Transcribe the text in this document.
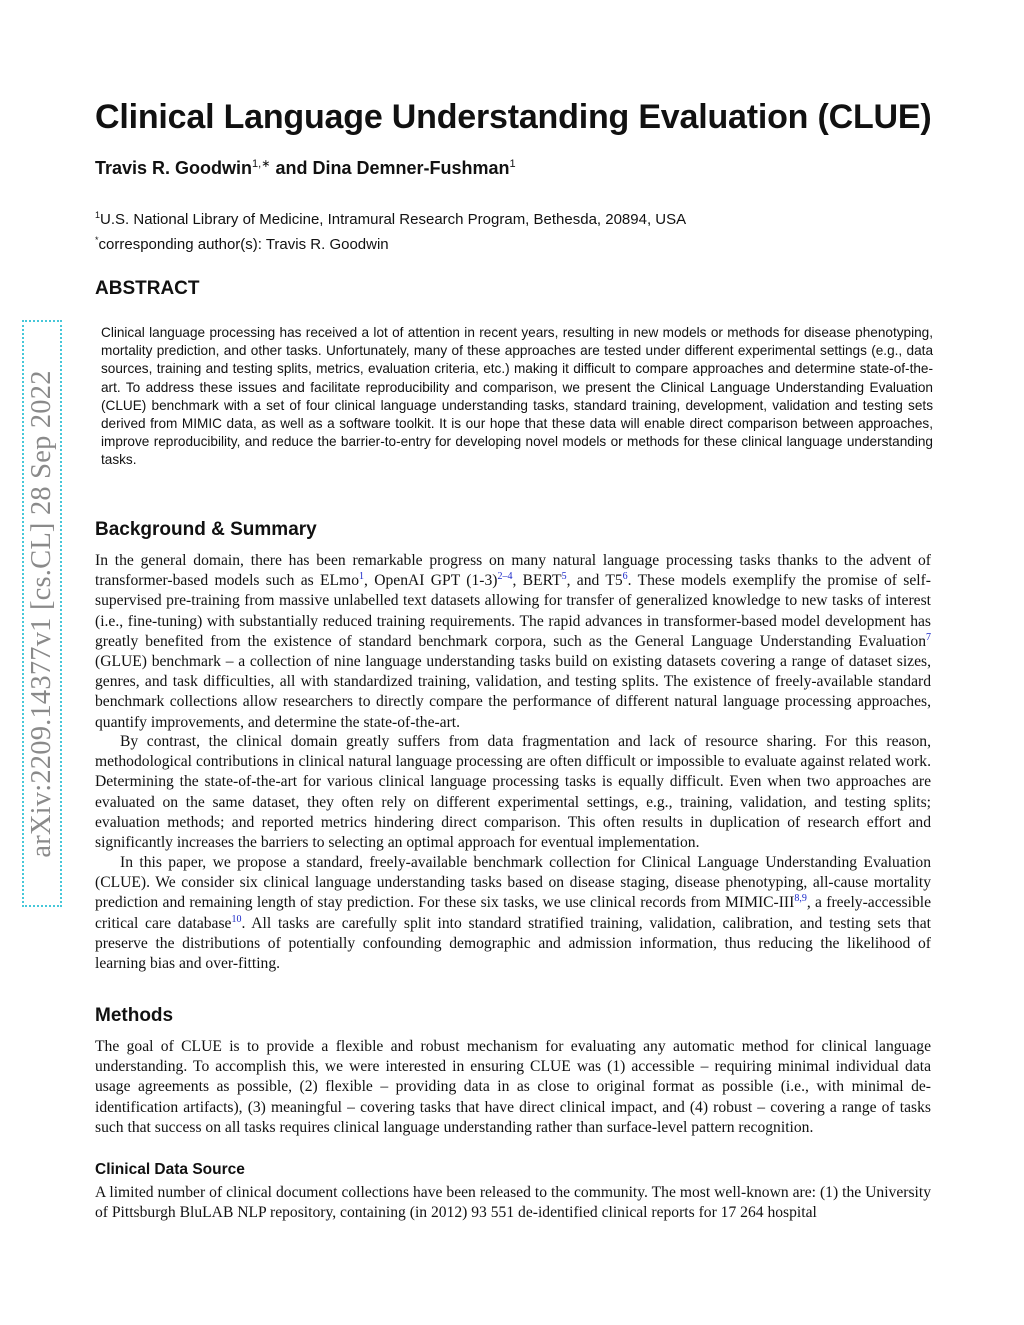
arXiv:2209.14377v1 [cs.CL] 28 Sep 2022
Clinical Language Understanding Evaluation (CLUE)
Travis R. Goodwin$^{1,∗}$ and Dina Demner-Fushman$^1$
$^1$U.S. National Library of Medicine, Intramural Research Program, Bethesda, 20894, USA
*corresponding author(s): Travis R. Goodwin
ABSTRACT

Clinical language processing has received a lot of attention in recent years, resulting in new models or methods for disease phenotyping, mortality prediction, and other tasks. Unfortunately, many of these approaches are tested under different experimental settings (e.g., data sources, training and testing splits, metrics, evaluation criteria, etc.) making it difficult to compare approaches and determine state-of-the-art. To address these issues and facilitate reproducibility and comparison, we present the Clinical Language Understanding Evaluation (CLUE) benchmark with a set of four clinical language understanding tasks, standard training, development, validation and testing sets derived from MIMIC data, as well as a software toolkit. It is our hope that these data will enable direct comparison between approaches, improve reproducibility, and reduce the barrier-to-entry for developing novel models or methods for these clinical language understanding tasks.

Background & Summary

In the general domain, there has been remarkable progress on many natural language processing tasks thanks to the advent of transformer-based models such as ELmo$^1$, OpenAI GPT (1-3)$^{2-4}$, BERT$^5$, and T5$^6$. These models exemplify the promise of self-supervised pre-training from massive unlabelled text datasets allowing for transfer of generalized knowledge to new tasks of interest (i.e., fine-tuning) with substantially reduced training requirements. The rapid advances in transformer-based model development has greatly benefited from the existence of standard benchmark corpora, such as the General Language Understanding Evaluation$^7$ (GLUE) benchmark – a collection of nine language understanding tasks build on existing datasets covering a range of dataset sizes, genres, and task difficulties, all with standardized training, validation, and testing splits. The existence of freely-available standard benchmark collections allow researchers to directly compare the performance of different natural language processing approaches, quantify improvements, and determine the state-of-the-art.

By contrast, the clinical domain greatly suffers from data fragmentation and lack of resource sharing. For this reason, methodological contributions in clinical natural language processing are often difficult or impossible to evaluate against related work. Determining the state-of-the-art for various clinical language processing tasks is equally difficult. Even when two approaches are evaluated on the same dataset, they often rely on different experimental settings, e.g., training, validation, and testing splits; evaluation methods; and reported metrics hindering direct comparison. This often results in duplication of research effort and significantly increases the barriers to selecting an optimal approach for eventual implementation.

In this paper, we propose a standard, freely-available benchmark collection for Clinical Language Understanding Evaluation (CLUE). We consider six clinical language understanding tasks based on disease staging, disease phenotyping, all-cause mortality prediction and remaining length of stay prediction. For these six tasks, we use clinical records from MIMIC-III$^{8,9}$, a freely-accessible critical care database$^{10}$. All tasks are carefully split into standard stratified training, validation, calibration, and testing sets that preserve the distributions of potentially confounding demographic and admission information, thus reducing the likelihood of learning bias and over-fitting.

Methods

The goal of CLUE is to provide a flexible and robust mechanism for evaluating any automatic method for clinical language understanding. To accomplish this, we were interested in ensuring CLUE was (1) accessible – requiring minimal individual data usage agreements as possible, (2) flexible – providing data in as close to original format as possible (i.e., with minimal de-identification artifacts), (3) meaningful – covering tasks that have direct clinical impact, and (4) robust – covering a range of tasks such that success on all tasks requires clinical language understanding rather than surface-level pattern recognition.

Clinical Data Source

A limited number of clinical document collections have been released to the community. The most well-known are: (1) the University of Pittsburgh BluLAB NLP repository, containing (in 2012) 93 551 de-identified clinical reports for 17 264 hospital
